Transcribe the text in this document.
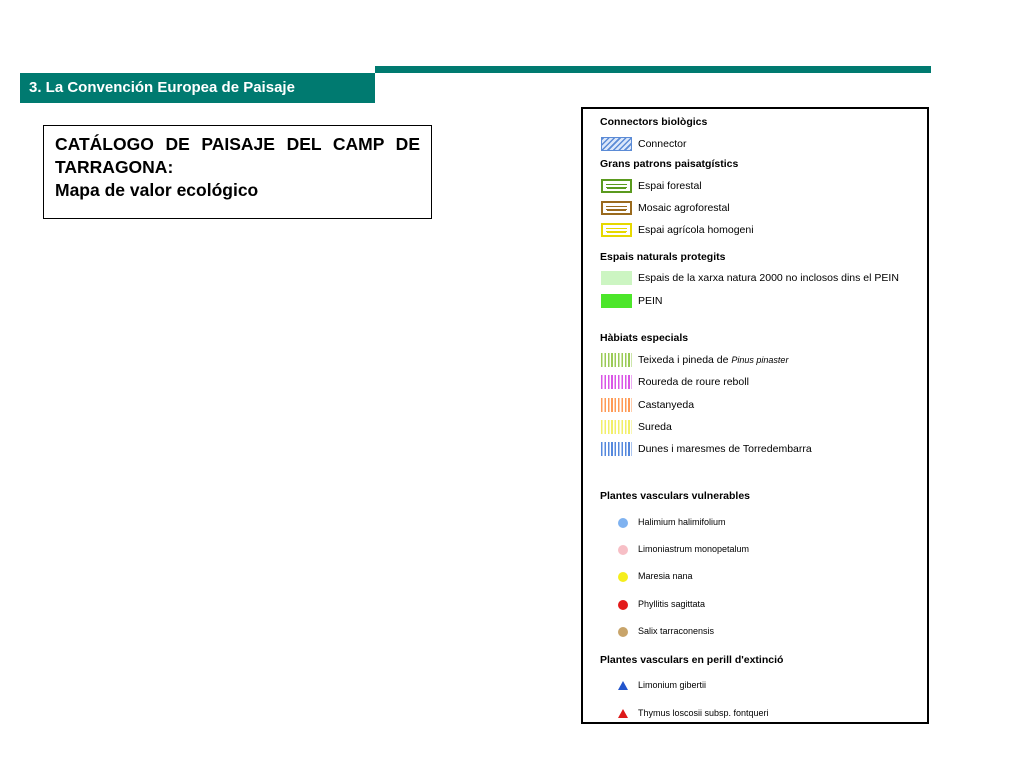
3. La Convención Europea de Paisaje
CATÁLOGO DE PAISAJE DEL CAMP DE
TARRAGONA:
Mapa de valor ecológico
Connectors biològics
Connector
Grans patrons paisatgístics
Espai forestal
Mosaic agroforestal
Espai agrícola homogeni
Espais naturals protegits
Espais de la xarxa natura 2000 no inclosos dins el PEIN
PEIN
Hàbiats especials
Teixeda i pineda de Pinus pinaster
Roureda de roure reboll
Castanyeda
Sureda
Dunes i maresmes de Torredembarra
Plantes vasculars vulnerables
Halimium halimifolium
Limoniastrum monopetalum
Maresia nana
Phyllitis sagittata
Salix tarraconensis
Plantes vasculars en perill d'extinció
Limonium gibertii
Thymus loscosii subsp. fontqueri
